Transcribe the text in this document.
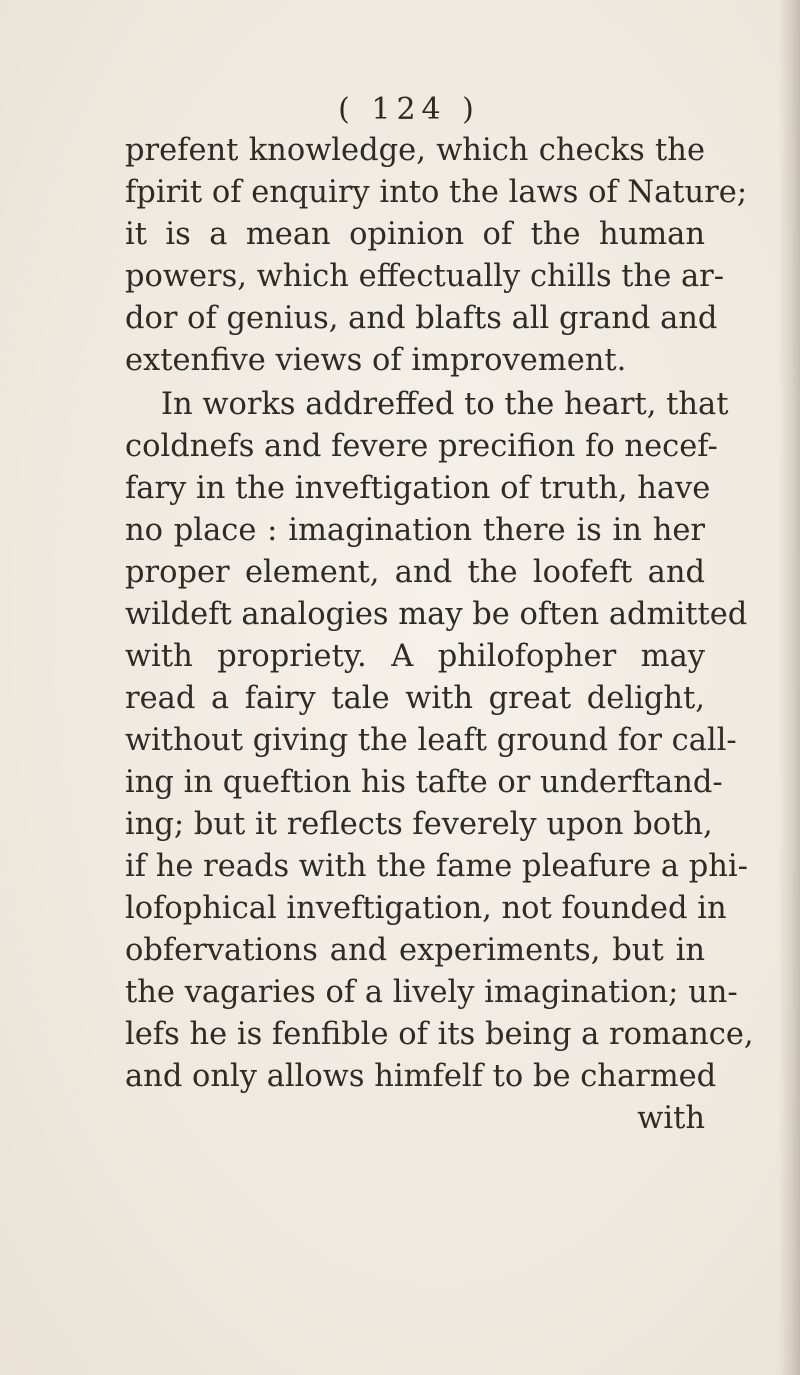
( 124 )
prefent knowledge, which checks the
fpirit of enquiry into the laws of Nature;
it is a mean opinion of the human
powers, which effectually chills the ar-
dor of genius, and blafts all grand and
extenfive views of improvement.
In works addreffed to the heart, that
coldnefs and fevere precifion fo necef-
fary in the inveftigation of truth, have
no place : imagination there is in her
proper element, and the loofeft and
wildeft analogies may be often admitted
with propriety. A philofopher may
read a fairy tale with great delight,
without giving the leaft ground for call-
ing in queftion his tafte or underftand-
ing; but it reflects feverely upon both,
if he reads with the fame pleafure a phi-
lofophical inveftigation, not founded in
obfervations and experiments, but in
the vagaries of a lively imagination; un-
lefs he is fenfible of its being a romance,
and only allows himfelf to be charmed
with
